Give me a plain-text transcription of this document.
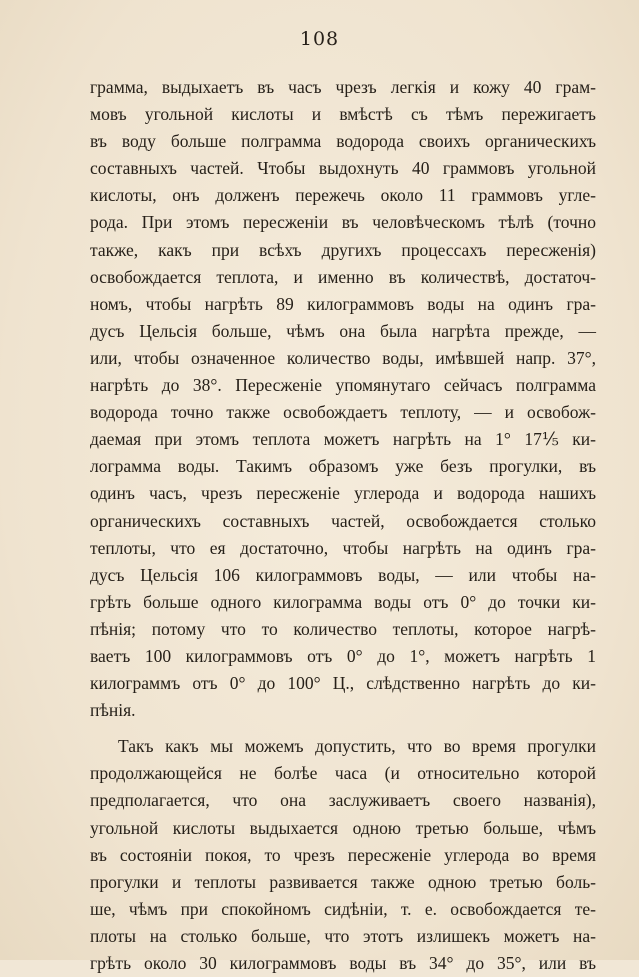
108
грамма, выдыхаетъ въ часъ чрезъ легкія и кожу 40 грам-
мовъ угольной кислоты и вмѣстѣ съ тѣмъ пережигаетъ
въ воду больше полграмма водорода своихъ органическихъ
составныхъ частей. Чтобы выдохнуть 40 граммовъ угольной
кислоты, онъ долженъ пережечь около 11 граммовъ угле-
рода. При этомъ пересженіи въ человѣческомъ тѣлѣ (точно
также, какъ при всѣхъ другихъ процессахъ пересженія)
освобождается теплота, и именно въ количествѣ, достаточ-
номъ, чтобы нагрѣть 89 килограммовъ воды на одинъ гра-
дусъ Цельсія больше, чѣмъ она была нагрѣта прежде, —
или, чтобы означенное количество воды, имѣвшей напр. 37°,
нагрѣть до 38°. Пересженіе упомянутаго сейчасъ полграмма
водорода точно также освобождаетъ теплоту, — и освобож-
даемая при этомъ теплота можетъ нагрѣть на 1° 17⅕ ки-
лограмма воды. Такимъ образомъ уже безъ прогулки, въ
одинъ часъ, чрезъ пересженіе углерода и водорода нашихъ
органическихъ составныхъ частей, освобождается столько
теплоты, что ея достаточно, чтобы нагрѣть на одинъ гра-
дусъ Цельсія 106 килограммовъ воды, — или чтобы на-
грѣть больше одного килограмма воды отъ 0° до точки ки-
пѣнія; потому что то количество теплоты, которое нагрѣ-
ваетъ 100 килограммовъ отъ 0° до 1°, можетъ нагрѣть 1
килограммъ отъ 0° до 100° Ц., слѣдственно нагрѣть до ки-
пѣнія.
Такъ какъ мы можемъ допустить, что во время прогулки
продолжающейся не болѣе часа (и относительно которой
предполагается, что она заслуживаетъ своего названія),
угольной кислоты выдыхается одною третью больше, чѣмъ
въ состояніи покоя, то чрезъ пересженіе углерода во время
прогулки и теплоты развивается также одною третью боль-
ше, чѣмъ при спокойномъ сидѣніи, т. е. освобождается те-
плоты на столько больше, что этотъ излишекъ можетъ на-
грѣть около 30 килограммовъ воды въ 34° до 35°, или въ
